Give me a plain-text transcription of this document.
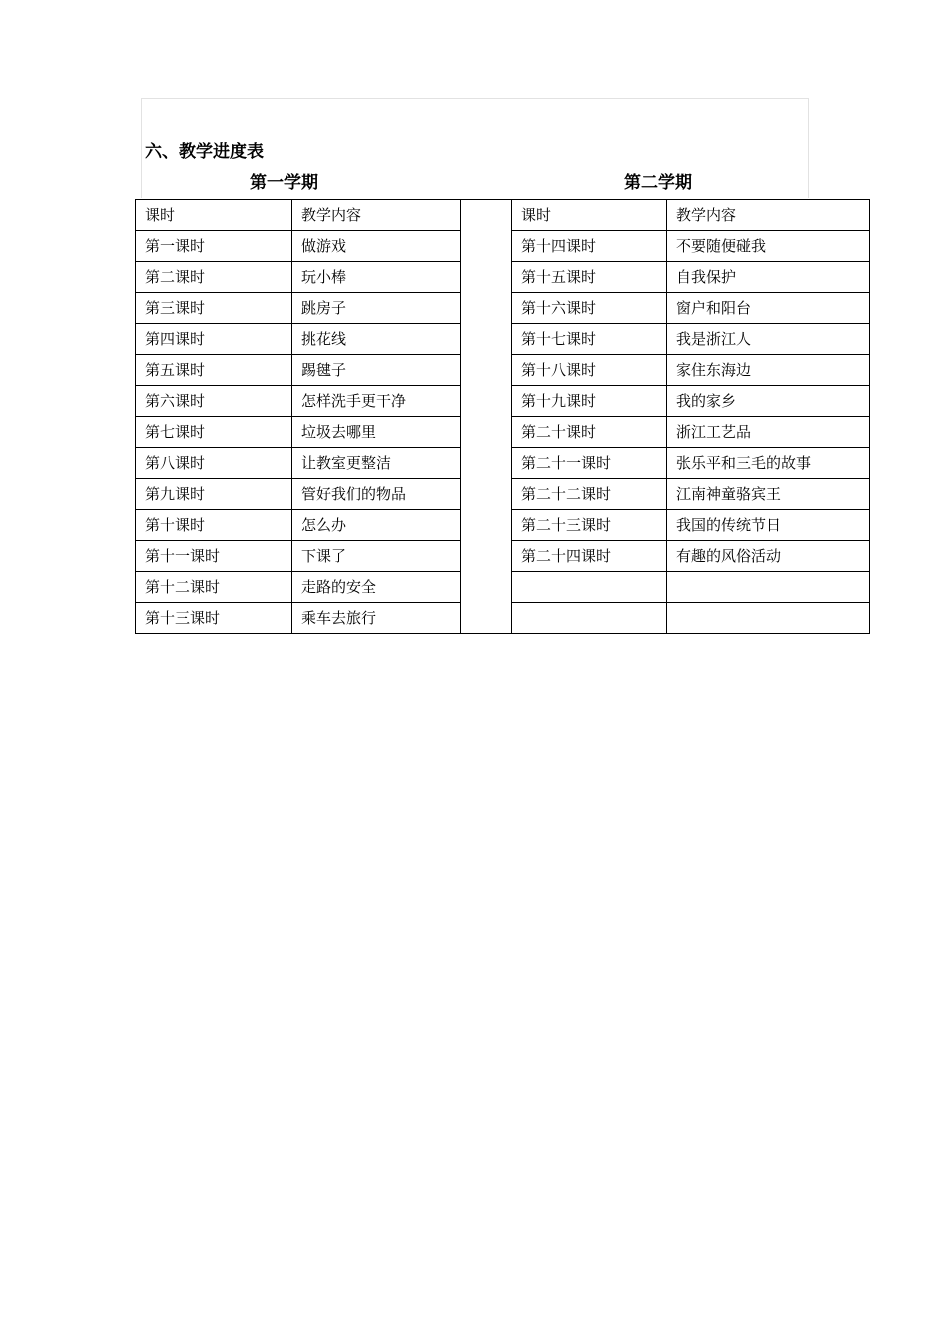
六、教学进度表
第一学期	第二学期
课时	教学内容		课时	教学内容
第一课时	做游戏		第十四课时	不要随便碰我
第二课时	玩小棒		第十五课时	自我保护
第三课时	跳房子		第十六课时	窗户和阳台
第四课时	挑花线		第十七课时	我是浙江人
第五课时	踢毽子		第十八课时	家住东海边
第六课时	怎样洗手更干净		第十九课时	我的家乡
第七课时	垃圾去哪里		第二十课时	浙江工艺品
第八课时	让教室更整洁		第二十一课时	张乐平和三毛的故事
第九课时	管好我们的物品		第二十二课时	江南神童骆宾王
第十课时	怎么办		第二十三课时	我国的传统节日
第十一课时	下课了		第二十四课时	有趣的风俗活动
第十二课时	走路的安全			
第十三课时	乘车去旅行			
